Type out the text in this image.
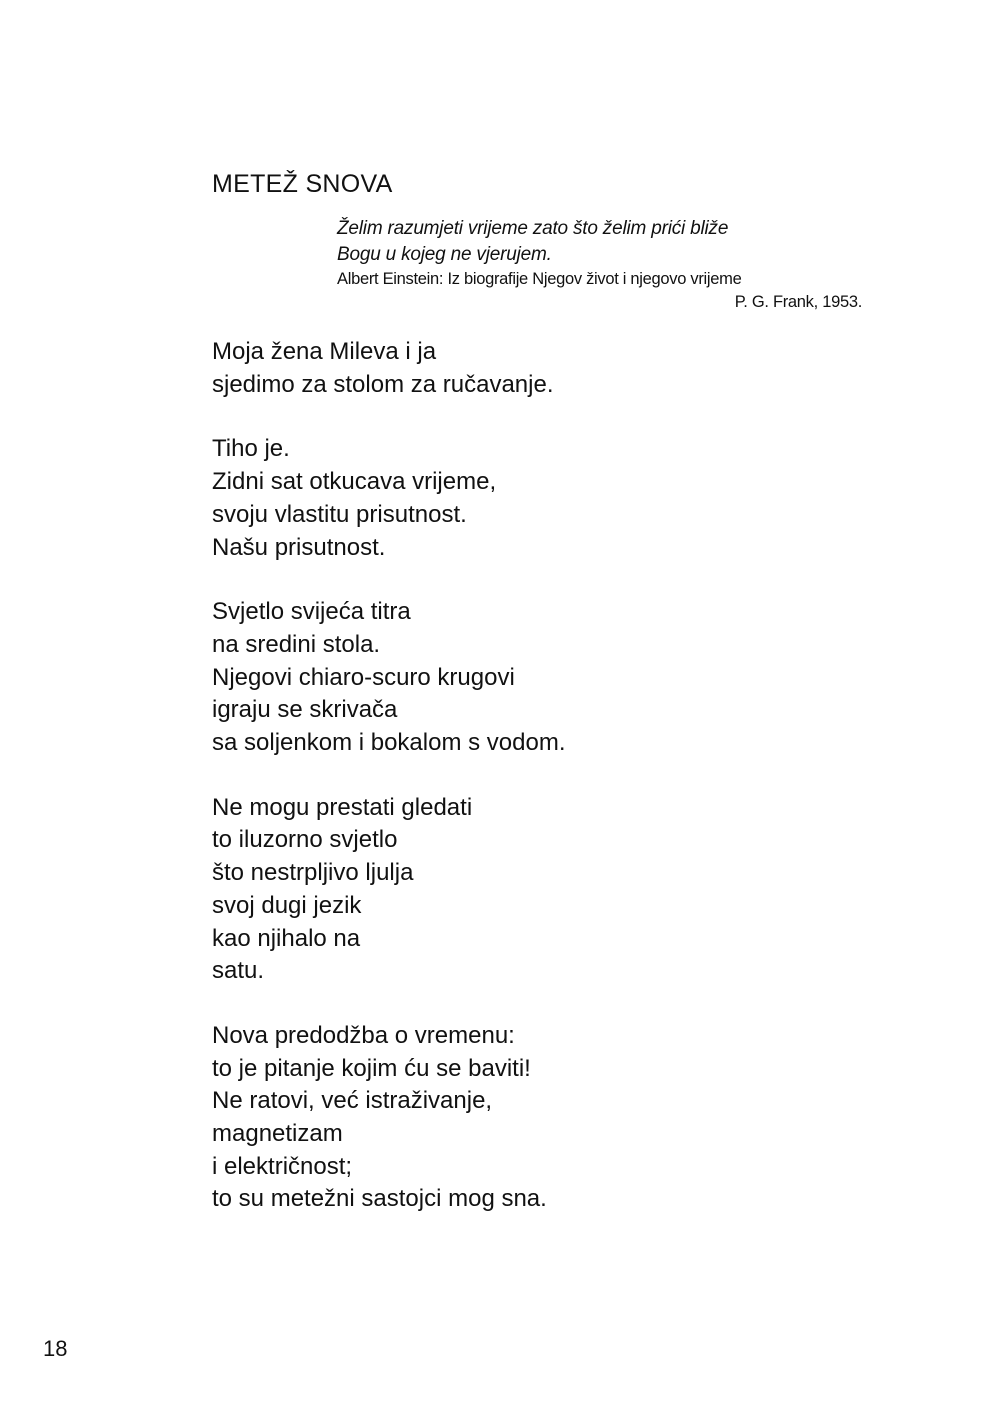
METEŽ SNOVA
Želim razumjeti vrijeme zato što želim prići bliže
Bogu u kojeg ne vjerujem.
Albert Einstein: Iz biografije Njegov život i njegovo vrijeme
P. G. Frank, 1953.
Moja žena Mileva i ja
sjedimo za stolom za ručavanje.
Tiho je.
Zidni sat otkucava vrijeme,
svoju vlastitu prisutnost.
Našu prisutnost.
Svjetlo svijeća titra
na sredini stola.
Njegovi chiaro-scuro krugovi
igraju se skrivača
sa soljenkom i bokalom s vodom.
Ne mogu prestati gledati
to iluzorno svjetlo
što nestrpljivo ljulja
svoj dugi jezik
kao njihalo na
satu.
Nova predodžba o vremenu:
to je pitanje kojim ću se baviti!
Ne ratovi, već istraživanje,
magnetizam
i električnost;
to su metežni sastojci mog sna.
18
